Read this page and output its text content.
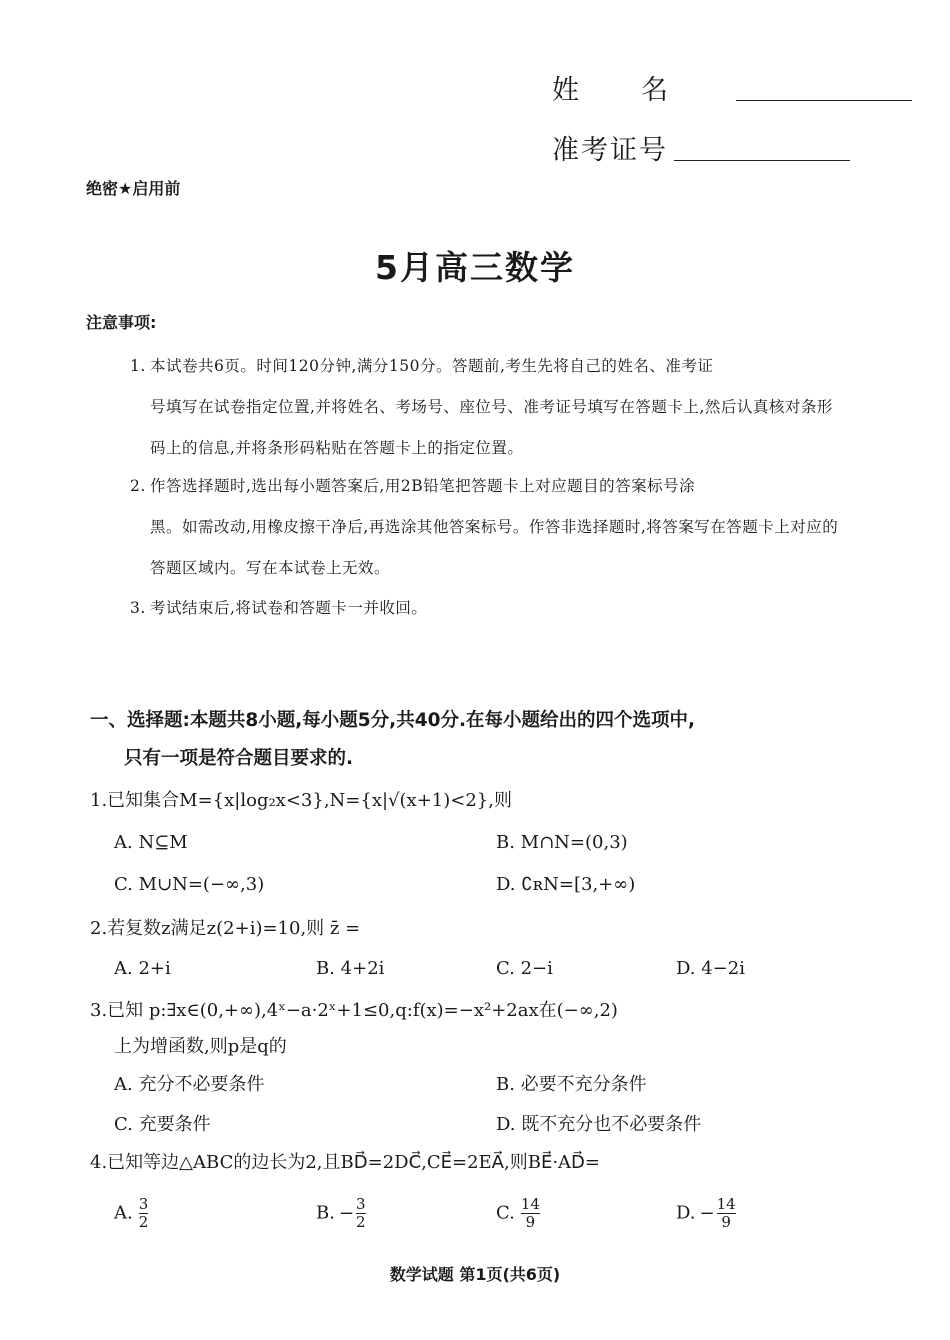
姓名
准考证号
绝密★启用前
5月高三数学
注意事项:
1. 本试卷共6页。时间120分钟,满分150分。答题前,考生先将自己的姓名、准考证
号填写在试卷指定位置,并将姓名、考场号、座位号、准考证号填写在答题卡上,然后认真核对条形码上的信息,并将条形码粘贴在答题卡上的指定位置。
2. 作答选择题时,选出每小题答案后,用2B铅笔把答题卡上对应题目的答案标号涂
黑。如需改动,用橡皮擦干净后,再选涂其他答案标号。作答非选择题时,将答案写在答题卡上对应的答题区域内。写在本试卷上无效。
3. 考试结束后,将试卷和答题卡一并收回。
一、选择题:本题共8小题,每小题5分,共40分.在每小题给出的四个选项中,
只有一项是符合题目要求的.
1.已知集合M={x|log₂x<3},N={x|√(x+1)<2},则
A. N⊆M	B. M∩N=(0,3)
C. M∪N=(−∞,3)	D. ∁ʀN=[3,+∞)
2.若复数z满足z(2+i)=10,则 z̄ =
A. 2+i	B. 4+2i	C. 2−i	D. 4−2i
3.已知 p:∃x∈(0,+∞),4ˣ−a·2ˣ+1≤0,q:f(x)=−x²+2ax在(−∞,2)
上为增函数,则p是q的
A. 充分不必要条件	B. 必要不充分条件
C. 充要条件	D. 既不充分也不必要条件
4.已知等边△ABC的边长为2,且BD⃗=2DC⃗,CE⃗=2EA⃗,则BE⃗·AD⃗=
A. $\frac{3}{2}$	B. − $\frac{3}{2}$	C. $\frac{14}{9}$	D. − $\frac{14}{9}$
数学试题 第1页(共6页)
